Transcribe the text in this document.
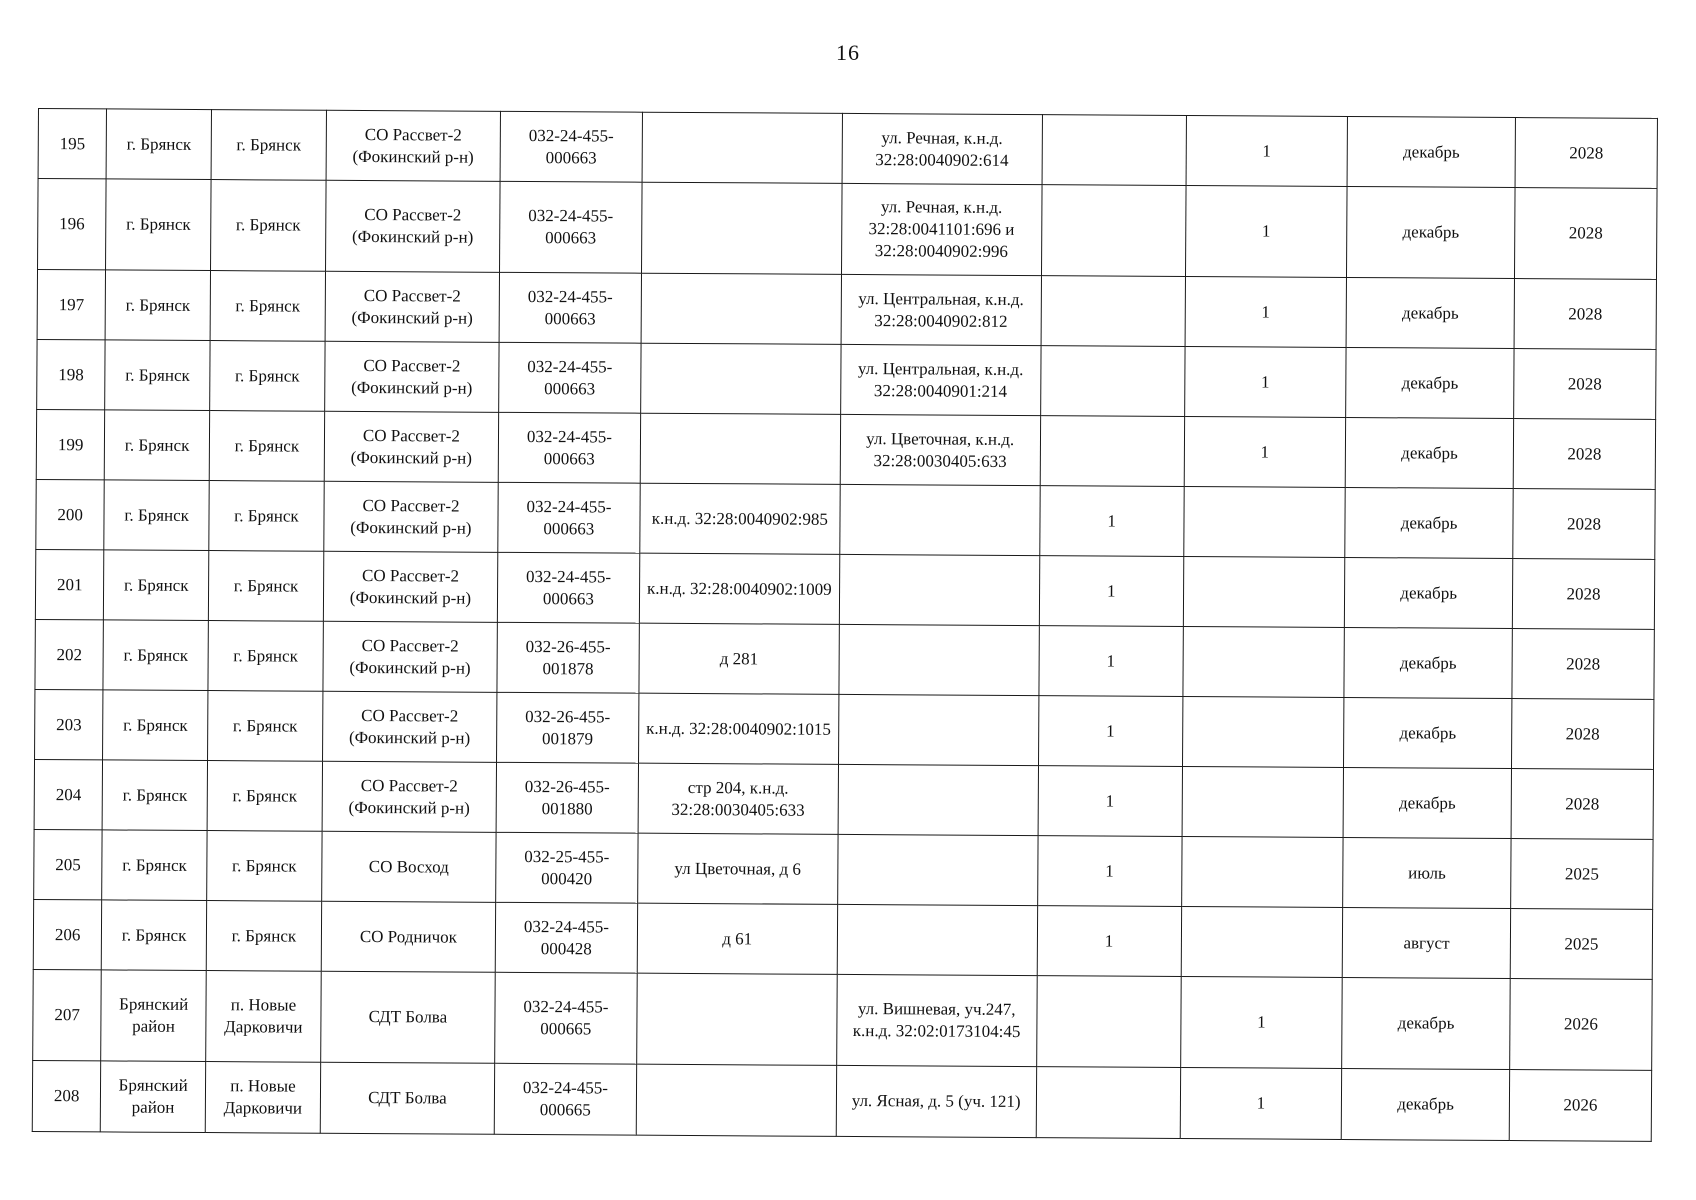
16
195	г. Брянск	г. Брянск	СО Рассвет-2 (Фокинский р-н)	032-24-455-000663		ул. Речная, к.н.д. 32:28:0040902:614		1	декабрь	2028
196	г. Брянск	г. Брянск	СО Рассвет-2 (Фокинский р-н)	032-24-455-000663		ул. Речная, к.н.д. 32:28:0041101:696 и 32:28:0040902:996		1	декабрь	2028
197	г. Брянск	г. Брянск	СО Рассвет-2 (Фокинский р-н)	032-24-455-000663		ул. Центральная, к.н.д. 32:28:0040902:812		1	декабрь	2028
198	г. Брянск	г. Брянск	СО Рассвет-2 (Фокинский р-н)	032-24-455-000663		ул. Центральная, к.н.д. 32:28:0040901:214		1	декабрь	2028
199	г. Брянск	г. Брянск	СО Рассвет-2 (Фокинский р-н)	032-24-455-000663		ул. Цветочная, к.н.д. 32:28:0030405:633		1	декабрь	2028
200	г. Брянск	г. Брянск	СО Рассвет-2 (Фокинский р-н)	032-24-455-000663	к.н.д. 32:28:0040902:985		1		декабрь	2028
201	г. Брянск	г. Брянск	СО Рассвет-2 (Фокинский р-н)	032-24-455-000663	к.н.д. 32:28:0040902:1009		1		декабрь	2028
202	г. Брянск	г. Брянск	СО Рассвет-2 (Фокинский р-н)	032-26-455-001878	д 281		1		декабрь	2028
203	г. Брянск	г. Брянск	СО Рассвет-2 (Фокинский р-н)	032-26-455-001879	к.н.д. 32:28:0040902:1015		1		декабрь	2028
204	г. Брянск	г. Брянск	СО Рассвет-2 (Фокинский р-н)	032-26-455-001880	стр 204, к.н.д. 32:28:0030405:633		1		декабрь	2028
205	г. Брянск	г. Брянск	СО Восход	032-25-455-000420	ул Цветочная, д 6		1		июль	2025
206	г. Брянск	г. Брянск	СО Родничок	032-24-455-000428	д 61		1		август	2025
207	Брянский район	п. Новые Дарковичи	СДТ Болва	032-24-455-000665		ул. Вишневая, уч.247, к.н.д. 32:02:0173104:45		1	декабрь	2026
208	Брянский район	п. Новые Дарковичи	СДТ Болва	032-24-455-000665		ул. Ясная, д. 5 (уч. 121)		1	декабрь	2026
